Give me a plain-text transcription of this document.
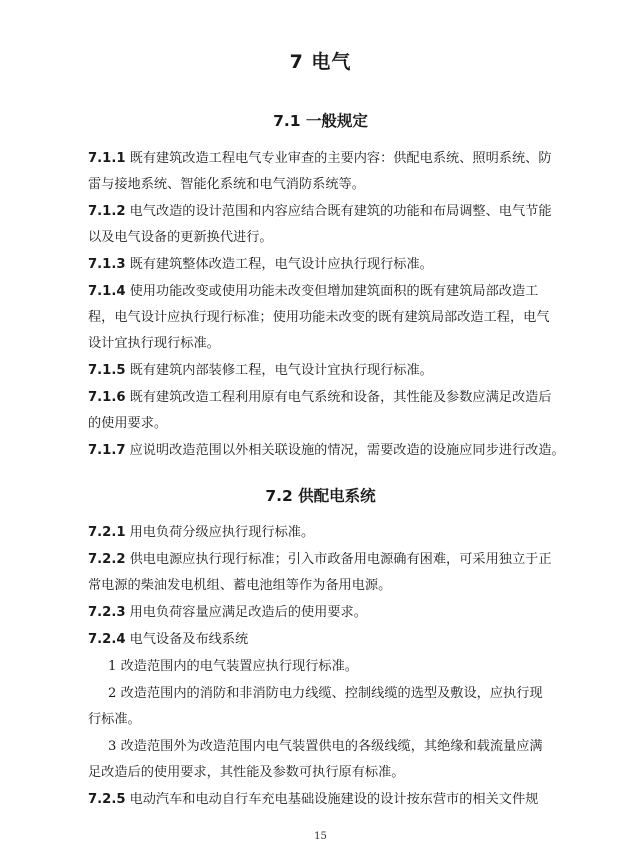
7 电气
7.1 一般规定
7.1.1 既有建筑改造工程电气专业审查的主要内容：供配电系统、照明系统、防
雷与接地系统、智能化系统和电气消防系统等。
7.1.2 电气改造的设计范围和内容应结合既有建筑的功能和布局调整、电气节能
以及电气设备的更新换代进行。
7.1.3 既有建筑整体改造工程，电气设计应执行现行标准。
7.1.4 使用功能改变或使用功能未改变但增加建筑面积的既有建筑局部改造工
程，电气设计应执行现行标准；使用功能未改变的既有建筑局部改造工程，电气
设计宜执行现行标准。
7.1.5 既有建筑内部装修工程，电气设计宜执行现行标准。
7.1.6 既有建筑改造工程利用原有电气系统和设备，其性能及参数应满足改造后
的使用要求。
7.1.7 应说明改造范围以外相关联设施的情况，需要改造的设施应同步进行改造。
7.2 供配电系统
7.2.1 用电负荷分级应执行现行标准。
7.2.2 供电电源应执行现行标准；引入市政备用电源确有困难，可采用独立于正
常电源的柴油发电机组、蓄电池组等作为备用电源。
7.2.3 用电负荷容量应满足改造后的使用要求。
7.2.4 电气设备及布线系统
1 改造范围内的电气装置应执行现行标准。
2 改造范围内的消防和非消防电力线缆、控制线缆的选型及敷设，应执行现
行标准。
3 改造范围外为改造范围内电气装置供电的各级线缆，其绝缘和载流量应满
足改造后的使用要求，其性能及参数可执行原有标准。
7.2.5 电动汽车和电动自行车充电基础设施建设的设计按东营市的相关文件规
15
